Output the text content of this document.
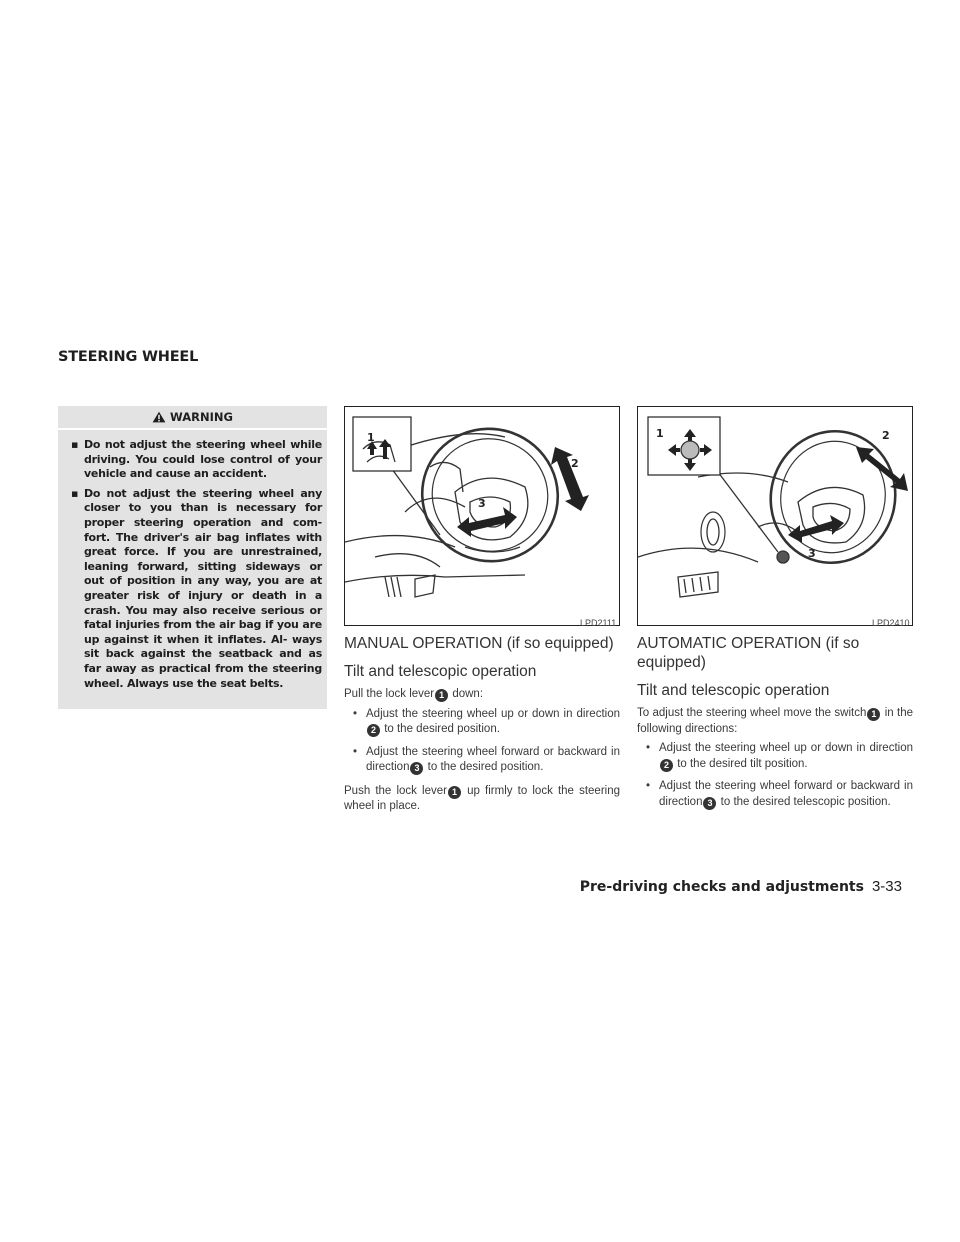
STEERING WHEEL
WARNING
▪ Do not adjust the steering wheel while driving. You could lose control of your vehicle and cause an accident.
▪ Do not adjust the steering wheel any closer to you than is necessary for proper steering operation and com- fort. The driver's air bag inflates with great force. If you are unrestrained, leaning forward, sitting sideways or out of position in any way, you are at greater risk of injury or death in a crash. You may also receive serious or fatal injuries from the air bag if you are up against it when it inflates. Al- ways sit back against the seatback and as far away as practical from the steering wheel. Always use the seat belts.
1
2
3
LPD2111
1	2
3
LPD2410
MANUAL OPERATION (if so equipped)
Tilt and telescopic operation

Pull the lock lever 1 down:

• Adjust the steering wheel up or down in direction2 to the desired position.
• Adjust the steering wheel forward or backward in direction 3 to the desired position.

Push the lock lever 1 up firmly to lock the steering wheel in place.

AUTOMATIC OPERATION (if so equipped)
Tilt and telescopic operation

To adjust the steering wheel move the switch 1 in the following directions:

• Adjust the steering wheel up or down in direction2 to the desired tilt position.
• Adjust the steering wheel forward or backward in direction 3 to the desired telescopic position.
Pre-driving checks and adjustments 3-33
